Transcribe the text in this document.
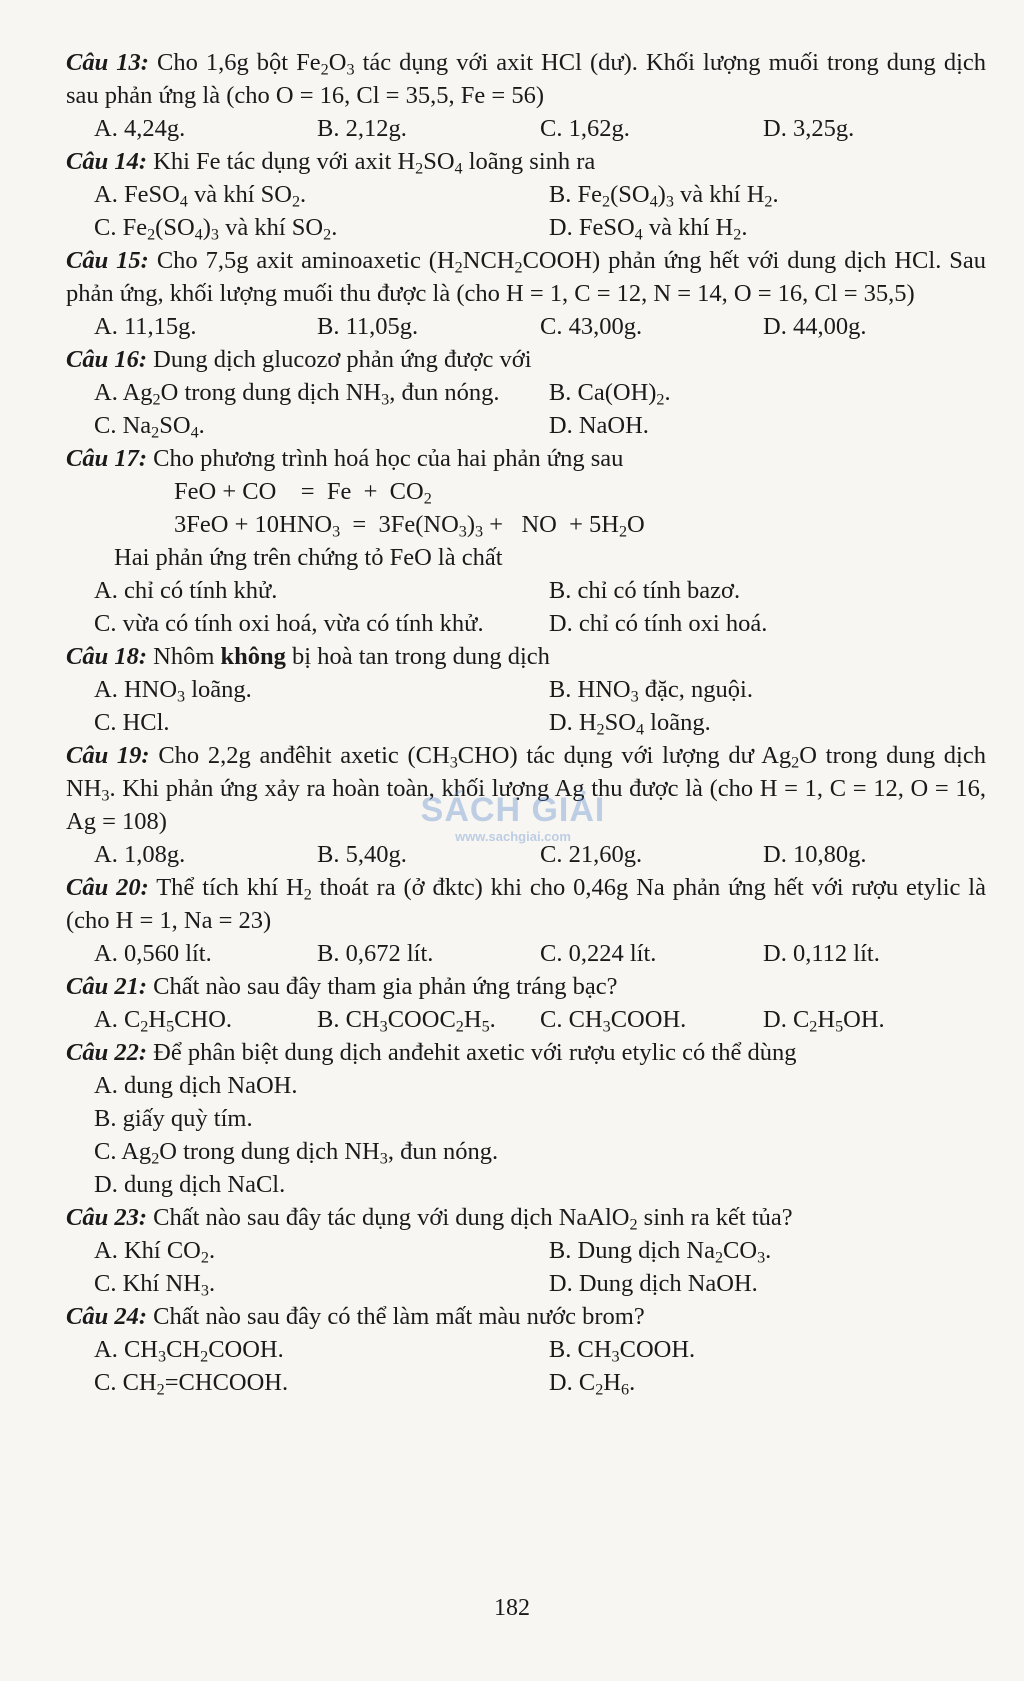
Câu 13: Cho 1,6g bột $Fe_2O_3$ tác dụng với axit HCl (dư). Khối lượng muối trong dung dịch sau phản ứng là (cho O = 16, Cl = 35,5, Fe = 56)
A. 4,24g.	B. 2,12g.	C. 1,62g.	D. 3,25g.
Câu 14: Khi Fe tác dụng với axit $H_2SO_4$ loãng sinh ra
A. FeSO$_4$ và khí $SO_2$.	B. $Fe_2(SO_4)_3$ và khí $H_2$.
C. $Fe_2(SO_4)_3$ và khí $SO_2$.	D. FeSO$_4$ và khí $H_2$.
Câu 15: Cho 7,5g axit aminoaxetic $(H_2NCH_2COOH)$ phản ứng hết với dung dịch HCl. Sau phản ứng, khối lượng muối thu được là (cho H = 1, C = 12, N = 14, O = 16, Cl = 35,5)
A. 11,15g.	B. 11,05g.	C. 43,00g.	D. 44,00g.
Câu 16: Dung dịch glucozơ phản ứng được với
A. $Ag_2O$ trong dung dịch $NH_3$, đun nóng.	B. $Ca(OH)_2$.
C. $Na_2SO_4$.	D. NaOH.
Câu 17: Cho phương trình hoá học của hai phản ứng sau
FeO + CO    =  $Fe + CO_2$
$3FeO + 10HNO_3 = 3Fe(NO_3)_3$ +   NO  + $5H_2O$
Hai phản ứng trên chứng tỏ FeO là chất
A. chỉ có tính khử.	B. chỉ có tính bazơ.
C. vừa có tính oxi hoá, vừa có tính khử.	D. chỉ có tính oxi hoá.
Câu 18: Nhôm không bị hoà tan trong dung dịch
A. $HNO_3$ loãng.	B. $HNO_3$ đặc, nguội.
C. HCl.	D. $H_2SO_4$ loãng.
Câu 19: Cho 2,2g anđêhit axetic $(CH_3CHO)$ tác dụng với lượng dư $Ag_2O$ trong dung dịch $NH_3$. Khi phản ứng xảy ra hoàn toàn, khối lượng Ag thu được là (cho H = 1, C = 12, O = 16, Ag = 108)
A. 1,08g.	B. 5,40g.	C. 21,60g.	D. 10,80g.
Câu 20: Thể tích khí $H_2$ thoát ra (ở đktc) khi cho 0,46g Na phản ứng hết với rượu etylic là (cho H = 1, Na = 23)
A. 0,560 lít.	B. 0,672 lít.	C. 0,224 lít.	D. 0,112 lít.
Câu 21: Chất nào sau đây tham gia phản ứng tráng bạc?
A. $C_2H_5CHO$.	B. $CH_3COOC_2H_5$.	C. $CH_3COOH$.	D. $C_2H_5OH$.
Câu 22: Để phân biệt dung dịch anđehit axetic với rượu etylic có thể dùng
A. dung dịch NaOH.
B. giấy quỳ tím.
C. $Ag_2O$ trong dung dịch $NH_3$, đun nóng.
D. dung dịch NaCl.
Câu 23: Chất nào sau đây tác dụng với dung dịch NaAlO$_2$ sinh ra kết tủa?
A. Khí $CO_2$.	B. Dung dịch $Na_2CO_3$.
C. Khí $NH_3$.	D. Dung dịch NaOH.
Câu 24: Chất nào sau đây có thể làm mất màu nước brom?
A. $CH_3CH_2COOH$.	B. $CH_3COOH$.
C. $CH_2=CHCOOH$.	D. $C_2H_6$.
182
SÁCH GIẢI
www.sachgiai.com
